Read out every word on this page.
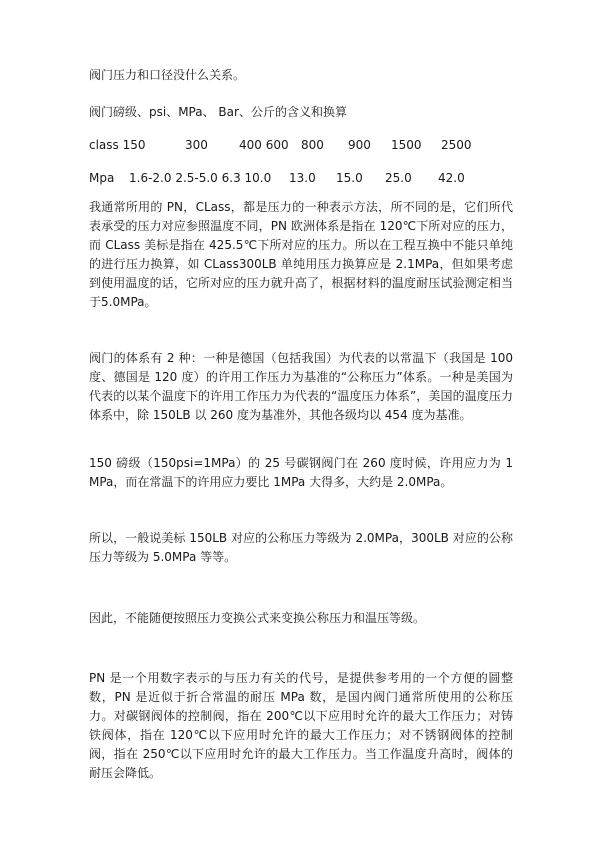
阀门压力和口径没什么关系。

阀门磅级、psi、MPa、 Bar、公斤的含义和换算

class 150	300	400 600 800 900 1500 2500
Mpa 1.6-2.0 2.5-5.0 6.3 10.0 13.0 15.0 25.0 42.0

我通常所用的 PN，CLass，都是压力的一种表示方法，所不同的是，它们所代表承受的压力对应参照温度不同，PN 欧洲体系是指在 120℃下所对应的压力，而 CLass 美标是指在 425.5℃下所对应的压力。所以在工程互换中不能只单纯的进行压力换算，如 CLass300LB 单纯用压力换算应是 2.1MPa，但如果考虑到使用温度的话，它所对应的压力就升高了，根据材料的温度耐压试验测定相当于5.0MPa。

阀门的体系有 2 种：一种是德国（包括我国）为代表的以常温下（我国是 100 度、德国是 120 度）的许用工作压力为基准的“公称压力”体系。一种是美国为代表的以某个温度下的许用工作压力为代表的“温度压力体系”，美国的温度压力体系中，除 150LB 以 260 度为基准外，其他各级均以 454 度为基准。

150 磅级（150psi=1MPa）的 25 号碳钢阀门在 260 度时候，许用应力为 1MPa，而在常温下的许用应力要比 1MPa 大得多，大约是 2.0MPa。

所以，一般说美标 150LB 对应的公称压力等级为 2.0MPa，300LB 对应的公称压力等级为 5.0MPa 等等。

因此，不能随便按照压力变换公式来变换公称压力和温压等级。

PN 是一个用数字表示的与压力有关的代号，是提供参考用的一个方便的圆整数，PN 是近似于折合常温的耐压 MPa 数，是国内阀门通常所使用的公称压力。对碳钢阀体的控制阀，指在 200℃以下应用时允许的最大工作压力；对铸铁阀体，指在 120℃以下应用时允许的最大工作压力；对不锈钢阀体的控制阀，指在 250℃以下应用时允许的最大工作压力。当工作温度升高时，阀体的耐压会降低。
